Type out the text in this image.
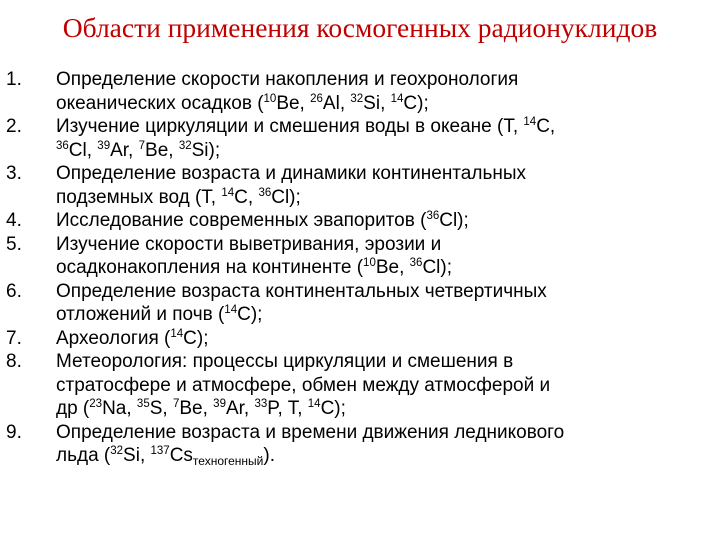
Области применения космогенных радионуклидов
1.	Определение скорости накопления и геохронология
океанических осадков ($^{10}$Be, $^{26}$Al, $^{32}$Si, $^{14}$C);
2.	Изучение циркуляции и смешения воды в океане (T, $^{14}$C,
$^{36}$Cl, $^{39}$Ar, $^7$Be, $^{32}$Si);
3.	Определение возраста и динамики континентальных
подземных вод (T, $^{14}$C, $^{36}$Cl);
4.	Исследование современных эвапоритов ($^{36}$Cl);
5.	Изучение скорости выветривания, эрозии и
осадконакопления на континенте ($^{10}$Be, $^{36}$Cl);
6.	Определение возраста континентальных четвертичных
отложений и почв ($^{14}$C);
7.	Археология ($^{14}$C);
8.	Метеорология: процессы циркуляции и смешения в
стратосфере и атмосфере, обмен между атмосферой и
др ($^{23}$Na, $^{35}$S, $^7$Be, $^{39}$Ar, $^{33}$P, T, $^{14}$C);
9.	Определение возраста и времени движения ледникового
льда ($^{32}$Si, $^{137}Cs_{техногенный}$).
